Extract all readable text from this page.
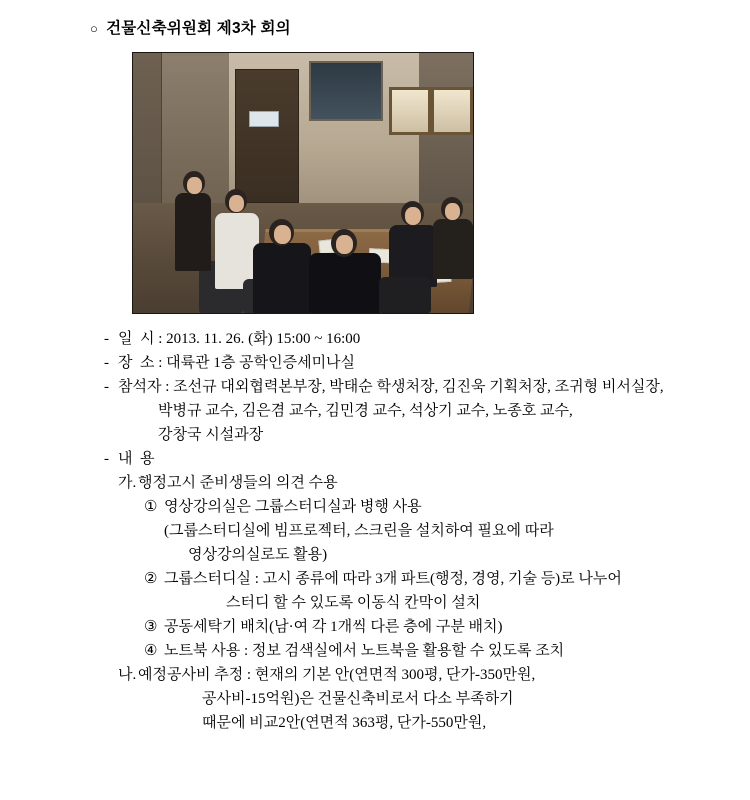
○ 건물신축위원회 제3차 회의
- 일  시 : 2013. 11. 26. (화) 15:00 ~ 16:00
- 장  소 : 대륙관 1층 공학인증세미나실
- 참석자 : 조선규 대외협력본부장, 박태순 학생처장, 김진욱 기획처장, 조귀형 비서실장,
박병규 교수, 김은겸 교수, 김민경 교수, 석상기 교수, 노종호 교수,
강창국 시설과장
- 내  용
가. 행정고시 준비생들의 의견 수용
① 영상강의실은 그룹스터디실과 병행 사용
(그룹스터디실에 빔프로젝터, 스크린을 설치하여 필요에 따라
영상강의실로도 활용)
② 그룹스터디실 : 고시 종류에 따라 3개 파트(행정, 경영, 기술 등)로 나누어
스터디 할 수 있도록 이동식 칸막이 설치
③ 공동세탁기 배치(남·여 각 1개씩 다른 층에 구분 배치)
④ 노트북 사용 : 정보 검색실에서 노트북을 활용할 수 있도록 조치
나. 예정공사비 추정 : 현재의 기본 안(연면적 300평, 단가-350만원,
공사비-15억원)은 건물신축비로서 다소 부족하기
때문에 비교2안(연면적 363평, 단가-550만원,
